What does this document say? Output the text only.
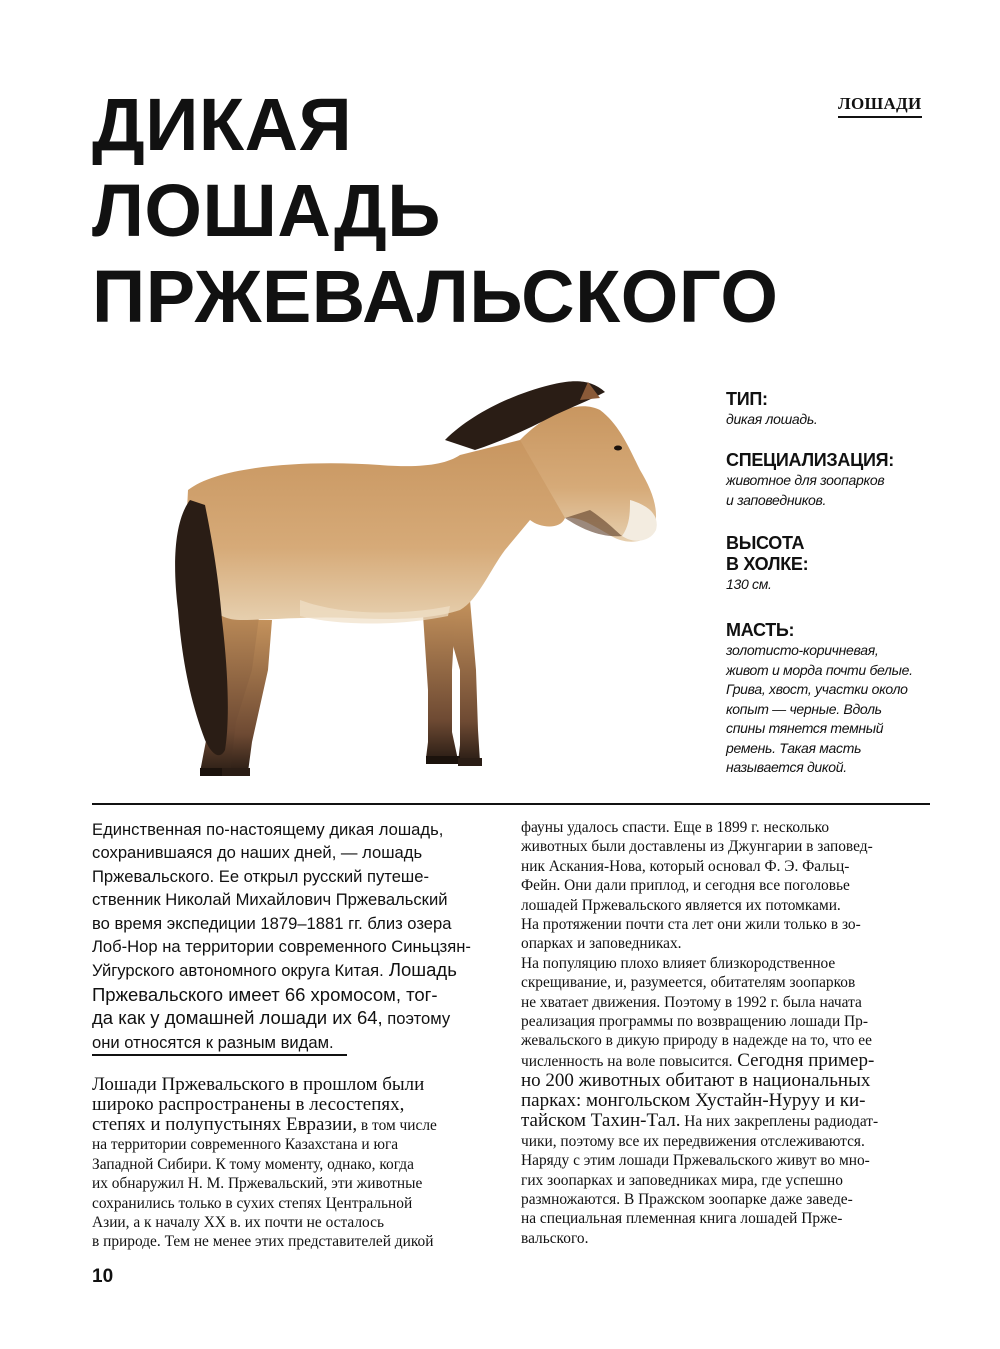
ЛОШАДИ
ДИКАЯ
ЛОШАДЬ
ПРЖЕВАЛЬСКОГО
ТИП:
дикая лошадь.
СПЕЦИАЛИЗАЦИЯ:
животное для зоопарков
и заповедников.
ВЫСОТА
В ХОЛКЕ:
130 см.
МАСТЬ:
золотисто-коричневая,
живот и морда почти белые.
Грива, хвост, участки около
копыт — черные. Вдоль
спины тянется темный
ремень. Такая масть
называется дикой.
Единственная по-настоящему дикая лошадь,
сохранившаяся до наших дней, — лошадь
Пржевальского. Ее открыл русский путеше-
ственник Николай Михайлович Пржевальский
во время экспедиции 1879–1881 гг. близ озера
Лоб-Нор на территории современного Синьцзян-
Уйгурского автономного округа Китая. Лошадь
Пржевальского имеет 66 хромосом, тог-
да как у домашней лошади их 64, поэтому
они относятся к разным видам.
Лошади Пржевальского в прошлом были
широко распространены в лесостепях,
степях и полупустынях Евразии, в том числе
на территории современного Казахстана и юга
Западной Сибири. К тому моменту, однако, когда
их обнаружил Н. М. Пржевальский, эти животные
сохранились только в сухих степях Центральной
Азии, а к началу XX в. их почти не осталось
в природе. Тем не менее этих представителей дикой
фауны удалось спасти. Еще в 1899 г. несколько
животных были доставлены из Джунгарии в заповед-
ник Аскания-Нова, который основал Ф. Э. Фальц-
Фейн. Они дали приплод, и сегодня все поголовье
лошадей Пржевальского является их потомками.
На протяжении почти ста лет они жили только в зо-
опарках и заповедниках.
На популяцию плохо влияет близкородственное
скрещивание, и, разумеется, обитателям зоопарков
не хватает движения. Поэтому в 1992 г. была начата
реализация программы по возвращению лошади Пр-
жевальского в дикую природу в надежде на то, что ее
численность на воле повысится. Сегодня пример-
но 200 животных обитают в национальных
парках: монгольском Хустайн-Нуруу и ки-
тайском Тахин-Тал. На них закреплены радиодат-
чики, поэтому все их передвижения отслеживаются.
Наряду с этим лошади Пржевальского живут во мно-
гих зоопарках и заповедниках мира, где успешно
размножаются. В Пражском зоопарке даже заведе-
на специальная племенная книга лошадей Прже-
вальского.
10
